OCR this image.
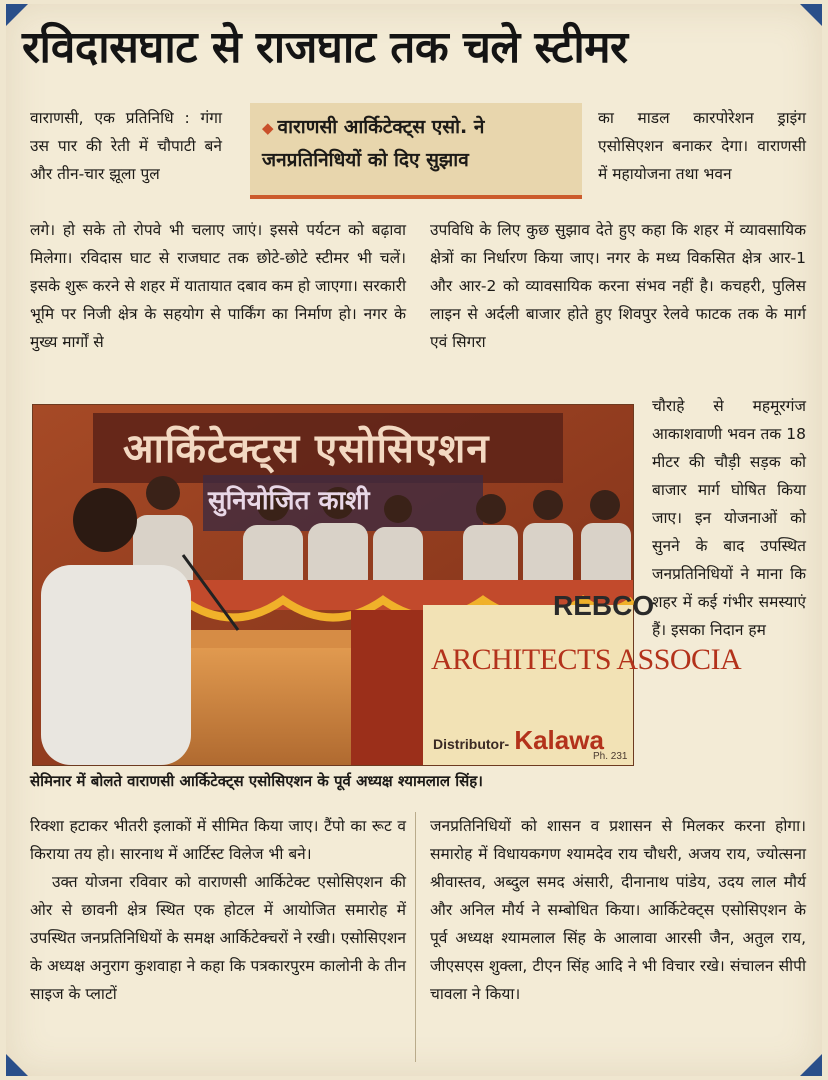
रविदासघाट से राजघाट तक चले स्टीमर

वाराणसी, एक प्रतिनिधि : गंगा उस पार की रेती में चौपाटी बने और तीन-चार झूला पुल

◆ वाराणसी आर्किटेक्ट्स एसो. ने
जनप्रतिनिधियों को दिए सुझाव

का माडल कारपोरेशन ड्राइंग एसोसिएशन बनाकर देगा। वाराणसी में महायोजना तथा भवन

लगे। हो सके तो रोपवे भी चलाए जाएं। इससे पर्यटन को बढ़ावा मिलेगा। रविदास घाट से राजघाट तक छोटे-छोटे स्टीमर भी चलें। इसके शुरू करने से शहर में यातायात दबाव कम हो जाएगा। सरकारी भूमि पर निजी क्षेत्र के सहयोग से पार्किंग का निर्माण हो। नगर के मुख्य मार्गों से

उपविधि के लिए कुछ सुझाव देते हुए कहा कि शहर में व्यावसायिक क्षेत्रों का निर्धारण किया जाए। नगर के मध्य विकसित क्षेत्र आर-1 और आर-2 को व्यावसायिक करना संभव नहीं है। कचहरी, पुलिस लाइन से अर्दली बाजार होते हुए शिवपुर रेलवे फाटक तक के मार्ग एवं सिगरा

चौराहे से महमूरगंज आकाशवाणी भवन तक 18 मीटर की चौड़ी सड़क को बाजार मार्ग घोषित किया जाए। इन योजनाओं को सुनने के बाद उपस्थित जनप्रतिनिधियों ने माना कि शहर में कई गंभीर समस्याएं हैं। इसका निदान हम

आर्किटेक्ट्स एसोसिएशन
सुनियोजित काशी
REBCO
ARCHITECTS ASSOCIA
Distributor- Kalawa
Ph. 231
सेमिनार में बोलते वाराणसी आर्किटेक्ट्स एसोसिएशन के पूर्व अध्यक्ष श्यामलाल सिंह।

रिक्शा हटाकर भीतरी इलाकों में सीमित किया जाए। टैंपो का रूट व किराया तय हो। सारनाथ में आर्टिस्ट विलेज भी बने।

उक्त योजना रविवार को वाराणसी आर्किटेक्ट एसोसिएशन की ओर से छावनी क्षेत्र स्थित एक होटल में आयोजित समारोह में उपस्थित जनप्रतिनिधियों के समक्ष आर्किटेक्चरों ने रखी। एसोसिएशन के अध्यक्ष अनुराग कुशवाहा ने कहा कि पत्रकारपुरम कालोनी के तीन साइज के प्लाटों

जनप्रतिनिधियों को शासन व प्रशासन से मिलकर करना होगा। समारोह में विधायकगण श्यामदेव राय चौधरी, अजय राय, ज्योत्सना श्रीवास्तव, अब्दुल समद अंसारी, दीनानाथ पांडेय, उदय लाल मौर्य और अनिल मौर्य ने सम्बोधित किया। आर्किटेक्ट्स एसोसिएशन के पूर्व अध्यक्ष श्यामलाल सिंह के आलावा आरसी जैन, अतुल राय, जीएसएस शुक्ला, टीएन सिंह आदि ने भी विचार रखे। संचालन सीपी चावला ने किया।
